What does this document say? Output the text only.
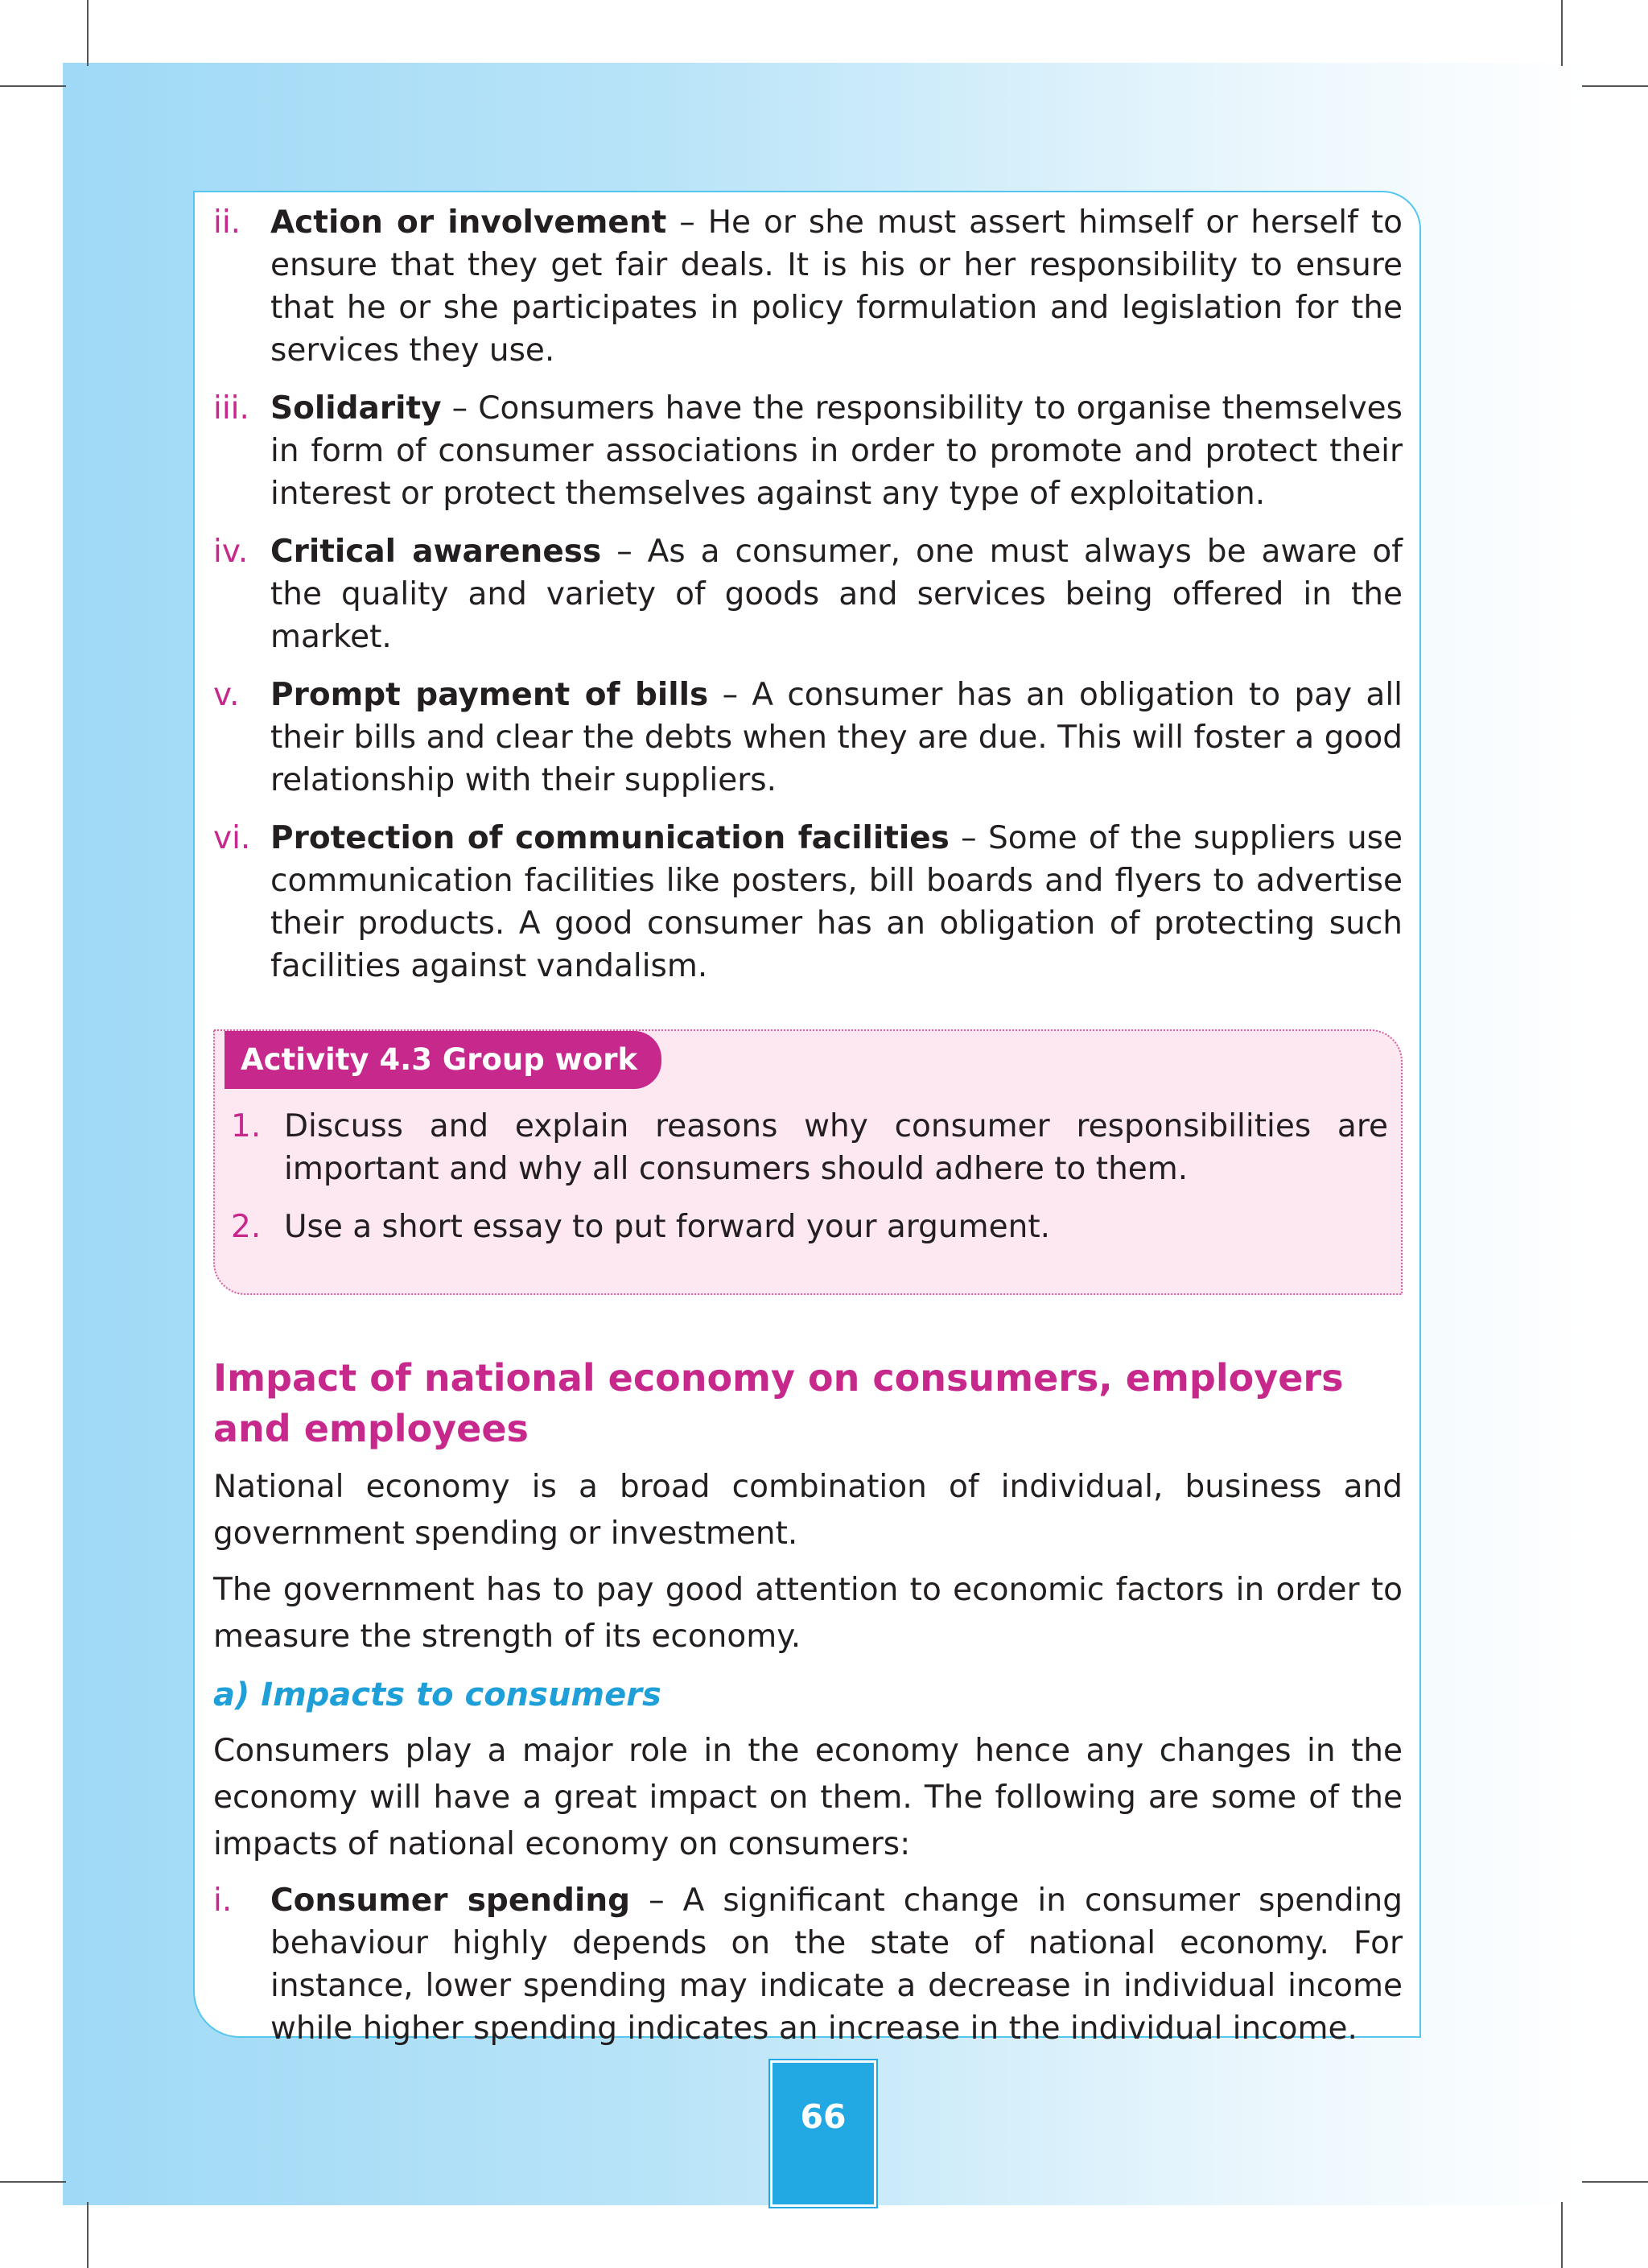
ii. Action or involvement – He or she must assert himself or herself to ensure that they get fair deals. It is his or her responsibility to ensure that he or she participates in policy formulation and legislation for the services they use.
iii. Solidarity – Consumers have the responsibility to organise themselves in form of consumer associations in order to promote and protect their interest or protect themselves against any type of exploitation.
iv. Critical awareness – As a consumer, one must always be aware of the quality and variety of goods and services being offered in the market.
v. Prompt payment of bills – A consumer has an obligation to pay all their bills and clear the debts when they are due. This will foster a good relationship with their suppliers.
vi. Protection of communication facilities – Some of the suppliers use communication facilities like posters, bill boards and flyers to advertise their products. A good consumer has an obligation of protecting such facilities against vandalism.
Activity 4.3 Group work
1. Discuss and explain reasons why consumer responsibilities are important and why all consumers should adhere to them.
2. Use a short essay to put forward your argument.
Impact of national economy on consumers, employers and employees

National economy is a broad combination of individual, business and government spending or investment.

The government has to pay good attention to economic factors in order to measure the strength of its economy.

a) Impacts to consumers

Consumers play a major role in the economy hence any changes in the economy will have a great impact on them. The following are some of the impacts of national economy on consumers:

i. Consumer spending – A significant change in consumer spending behaviour highly depends on the state of national economy. For instance, lower spending may indicate a decrease in individual income while higher spending indicates an increase in the individual income.
66
